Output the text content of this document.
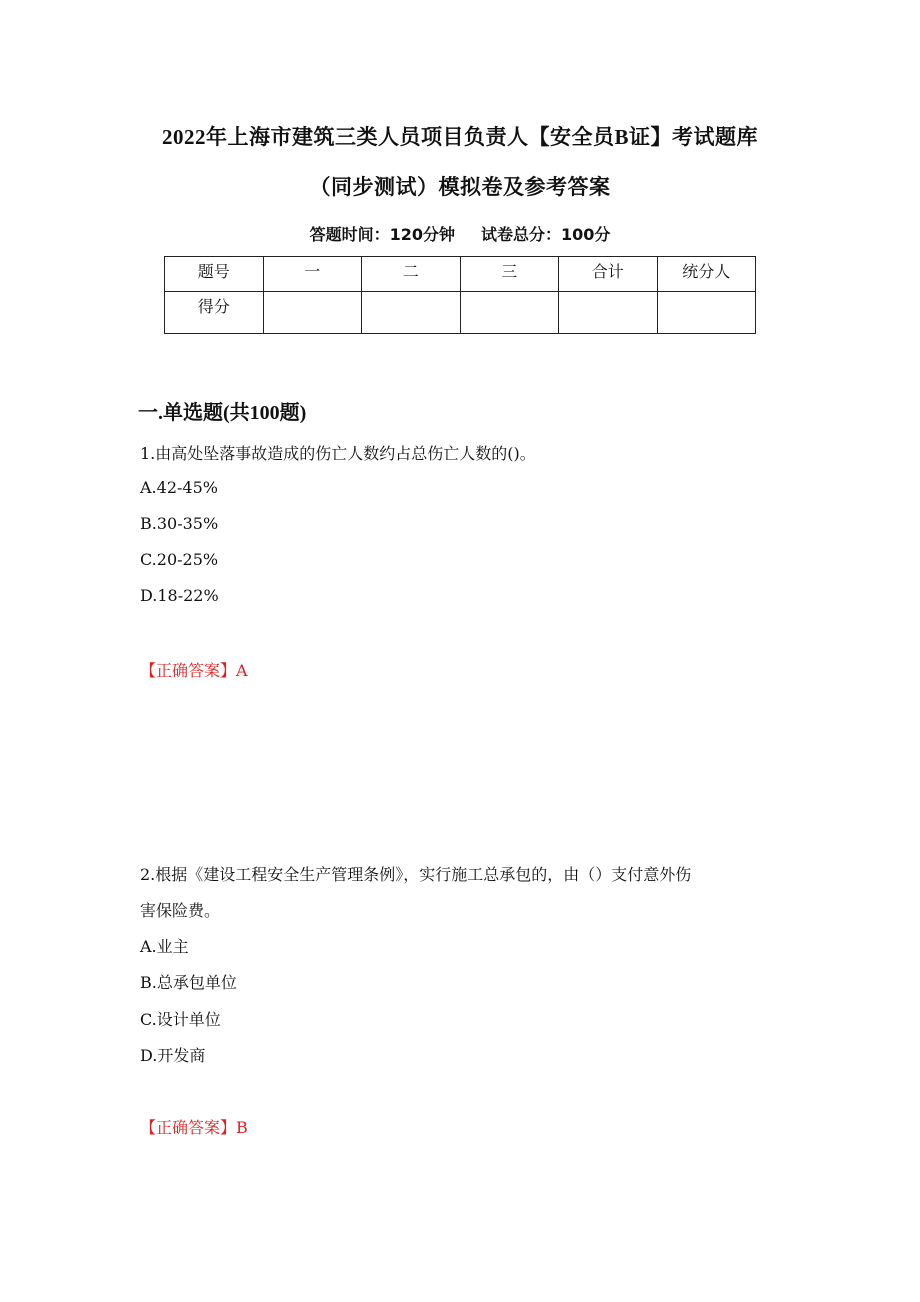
2022年上海市建筑三类人员项目负责人【安全员B证】考试题库
（同步测试）模拟卷及参考答案
答题时间：120分钟 试卷总分：100分
题号	一	二	三	合计	统分人
得分					
一.单选题(共100题)
1.由高处坠落事故造成的伤亡人数约占总伤亡人数的()。
A.42-45%
B.30-35%
C.20-25%
D.18-22%
【正确答案】A
2.根据《建设工程安全生产管理条例》，实行施工总承包的，由（）支付意外伤
害保险费。
A.业主
B.总承包单位
C.设计单位
D.开发商
【正确答案】B
